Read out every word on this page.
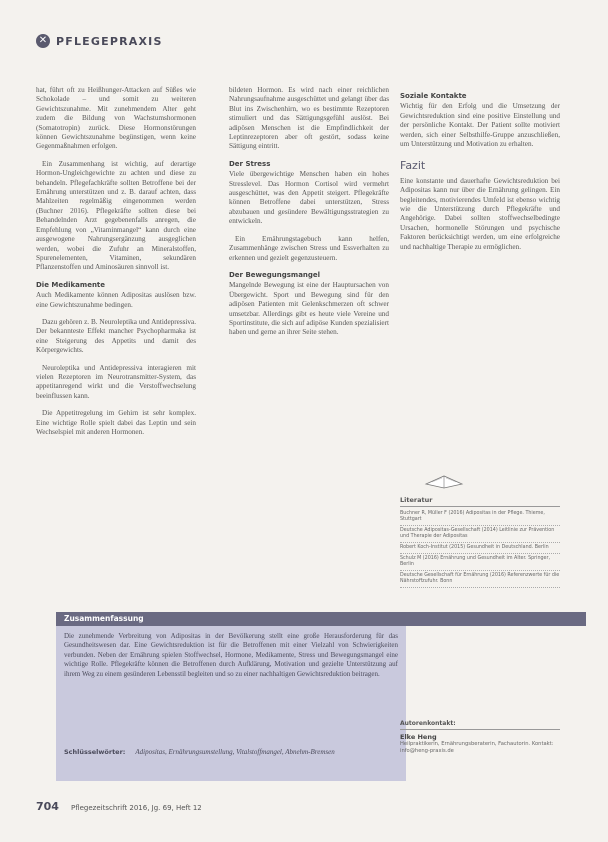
✕ PFLEGEPRAXIS

hat, führt oft zu Heißhunger-Attacken auf Süßes wie Schokolade – und somit zu weiteren Gewichtszunahme. Mit zunehmendem Alter geht zudem die Bildung von Wachstumshormonen (Somatotropin) zurück. Diese Hormonstörungen können Gewichtszunahme begünstigen, wenn keine Gegenmaßnahmen erfolgen.

Ein Zusammenhang ist wichtig, auf derartige Hormon-Ungleichgewichte zu achten und diese zu behandeln. Pflegefachkräfte sollten Betroffene bei der Ernährung unterstützen und z. B. darauf achten, dass Mahlzeiten regelmäßig eingenommen werden (Buchner 2016). Pflegekräfte sollten diese bei Behandelnden Arzt gegebenenfalls anregen, die Empfehlung von „Vitaminmangel“ kann durch eine ausgewogene Nahrungsergänzung ausgeglichen werden, wobei die Zufuhr an Mineralstoffen, Spurenelementen, Vitaminen, sekundären Pflanzenstoffen und Aminosäuren sinnvoll ist.

Die Medikamente

Auch Medikamente können Adipositas auslösen bzw. eine Gewichtszunahme bedingen.

Dazu gehören z. B. Neuroleptika und Antidepressiva. Der bekannteste Effekt mancher Psychopharmaka ist eine Steigerung des Appetits und damit des Körpergewichts.

Neuroleptika und Antidepressiva interagieren mit vielen Rezeptoren im Neurotransmitter-System, das appetitanregend wirkt und die Verstoffwechselung beeinflussen kann.

Die Appetitregelung im Gehirn ist sehr komplex. Eine wichtige Rolle spielt dabei das Leptin und sein Wechselspiel mit anderen Hormonen.

bildeten Hormon. Es wird nach einer reichlichen Nahrungsaufnahme ausgeschüttet und gelangt über das Blut ins Zwischenhirn, wo es bestimmte Rezeptoren stimuliert und das Sättigungsgefühl auslöst. Bei adipösen Menschen ist die Empfindlichkeit der Leptinrezeptoren aber oft gestört, sodass keine Sättigung eintritt.

Der Stress

Viele übergewichtige Menschen haben ein hohes Stresslevel. Das Hormon Cortisol wird vermehrt ausgeschüttet, was den Appetit steigert. Pflegekräfte können Betroffene dabei unterstützen, Stress abzubauen und gesündere Bewältigungsstrategien zu entwickeln.

Ein Ernährungstagebuch kann helfen, Zusammenhänge zwischen Stress und Essverhalten zu erkennen und gezielt gegenzusteuern.

Der Bewegungsmangel

Mangelnde Bewegung ist eine der Hauptursachen von Übergewicht. Sport und Bewegung sind für den adipösen Patienten mit Gelenkschmerzen oft schwer umsetzbar. Allerdings gibt es heute viele Vereine und Sportinstitute, die sich auf adipöse Kunden spezialisiert haben und gerne an ihrer Seite stehen.

Soziale Kontakte

Wichtig für den Erfolg und die Umsetzung der Gewichtsreduktion sind eine positive Einstellung und der persönliche Kontakt. Der Patient sollte motiviert werden, sich einer Selbsthilfe-Gruppe anzuschließen, um Unterstützung und Motivation zu erhalten.

Fazit

Eine konstante und dauerhafte Gewichtsreduktion bei Adipositas kann nur über die Ernährung gelingen. Ein begleitendes, motivierendes Umfeld ist ebenso wichtig wie die Unterstützung durch Pflegekräfte und Angehörige. Dabei sollten stoffwechselbedingte Ursachen, hormonelle Störungen und psychische Faktoren berücksichtigt werden, um eine erfolgreiche und nachhaltige Therapie zu ermöglichen.

Literatur
Buchner R, Müller F (2016) Adipositas in der Pflege. Thieme, Stuttgart
Deutsche Adipositas-Gesellschaft (2014) Leitlinie zur Prävention und Therapie der Adipositas
Robert Koch-Institut (2015) Gesundheit in Deutschland. Berlin
Schulz M (2016) Ernährung und Gesundheit im Alter. Springer, Berlin
Deutsche Gesellschaft für Ernährung (2016) Referenzwerte für die Nährstoffzufuhr. Bonn
Zusammenfassung
Die zunehmende Verbreitung von Adipositas in der Bevölkerung stellt eine große Herausforderung für das Gesundheitswesen dar. Eine Gewichtsreduktion ist für die Betroffenen mit einer Vielzahl von Schwierigkeiten verbunden. Neben der Ernährung spielen Stoffwechsel, Hormone, Medikamente, Stress und Bewegungsmangel eine wichtige Rolle. Pflegekräfte können die Betroffenen durch Aufklärung, Motivation und gezielte Unterstützung auf ihrem Weg zu einem gesünderen Lebensstil begleiten und so zu einer nachhaltigen Gewichtsreduktion beitragen.
Schlüsselwörter: Adipositas, Ernährungsumstellung, Vitalstoffmangel, Abnehm-Bremsen
Autorenkontakt:
Elke Heng
Heilpraktikerin, Ernährungsberaterin, Fachautorin. Kontakt: info@heng-praxis.de
704 Pflegezeitschrift 2016, Jg. 69, Heft 12
